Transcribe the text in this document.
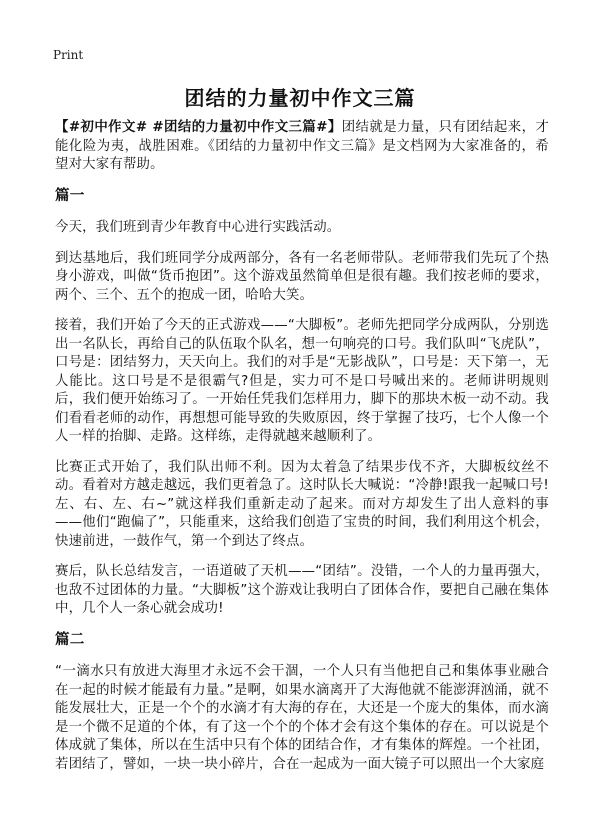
Print
团结的力量初中作文三篇

【#初中作文# #团结的力量初中作文三篇#】团结就是力量，只有团结起来，才能化险为夷，战胜困难。《团结的力量初中作文三篇》是文档网为大家准备的，希望对大家有帮助。

篇一

今天，我们班到青少年教育中心进行实践活动。

到达基地后，我们班同学分成两部分，各有一名老师带队。老师带我们先玩了个热身小游戏，叫做“货币抱团”。这个游戏虽然简单但是很有趣。我们按老师的要求，两个、三个、五个的抱成一团，哈哈大笑。

接着，我们开始了今天的正式游戏——“大脚板”。老师先把同学分成两队，分别选出一名队长，再给自己的队伍取个队名，想一句响亮的口号。我们队叫“飞虎队”，口号是：团结努力，天天向上。我们的对手是“无影战队”，口号是：天下第一，无人能比。这口号是不是很霸气?但是，实力可不是口号喊出来的。老师讲明规则后，我们便开始练习了。一开始任凭我们怎样用力，脚下的那块木板一动不动。我们看看老师的动作，再想想可能导致的失败原因，终于掌握了技巧，七个人像一个人一样的抬脚、走路。这样练，走得就越来越顺利了。

比赛正式开始了，我们队出师不利。因为太着急了结果步伐不齐，大脚板纹丝不动。看着对方越走越远，我们更着急了。这时队长大喊说：“冷静!跟我一起喊口号!左、右、左、右~”就这样我们重新走动了起来。而对方却发生了出人意料的事——他们“跑偏了”，只能重来，这给我们创造了宝贵的时间，我们利用这个机会，快速前进，一鼓作气，第一个到达了终点。

赛后，队长总结发言，一语道破了天机——“团结”。没错，一个人的力量再强大，也敌不过团体的力量。“大脚板”这个游戏让我明白了团体合作，要把自己融在集体中，几个人一条心就会成功!

篇二

“一滴水只有放进大海里才永远不会干涸，一个人只有当他把自己和集体事业融合在一起的时候才能最有力量。”是啊，如果水滴离开了大海他就不能澎湃汹涌，就不能发展壮大，正是一个个的水滴才有大海的存在，大还是一个庞大的集体，而水滴是一个微不足道的个体，有了这一个个的个体才会有这个集体的存在。可以说是个体成就了集体，所以在生活中只有个体的团结合作，才有集体的辉煌。一个社团，若团结了，譬如，一块一块小碎片，合在一起成为一面大镜子可以照出一个大家庭
